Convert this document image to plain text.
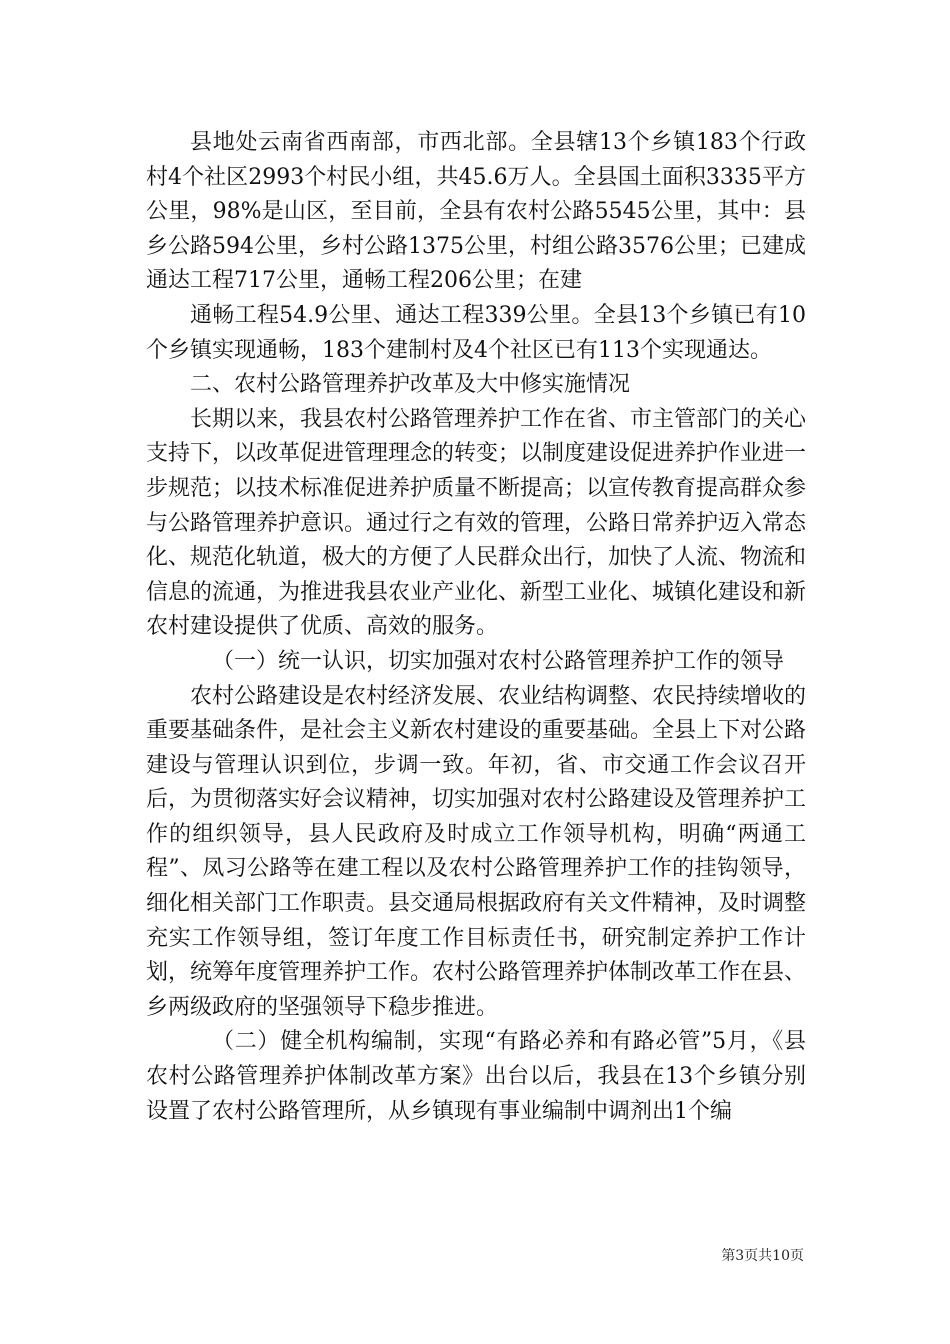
县地处云南省西南部，市西北部。全县辖13个乡镇183个行政村4个社区2993个村民小组，共45.6万人。全县国土面积3335平方公里，98%是山区，至目前，全县有农村公路5545公里，其中：县乡公路594公里，乡村公路1375公里，村组公路3576公里；已建成通达工程717公里，通畅工程206公里；在建

通畅工程54.9公里、通达工程339公里。全县13个乡镇已有10个乡镇实现通畅，183个建制村及4个社区已有113个实现通达。

二、农村公路管理养护改革及大中修实施情况

长期以来，我县农村公路管理养护工作在省、市主管部门的关心支持下，以改革促进管理理念的转变；以制度建设促进养护作业进一步规范；以技术标准促进养护质量不断提高；以宣传教育提高群众参与公路管理养护意识。通过行之有效的管理，公路日常养护迈入常态化、规范化轨道，极大的方便了人民群众出行，加快了人流、物流和信息的流通，为推进我县农业产业化、新型工业化、城镇化建设和新农村建设提供了优质、高效的服务。

（一）统一认识，切实加强对农村公路管理养护工作的领导

农村公路建设是农村经济发展、农业结构调整、农民持续增收的重要基础条件，是社会主义新农村建设的重要基础。全县上下对公路建设与管理认识到位，步调一致。年初，省、市交通工作会议召开后，为贯彻落实好会议精神，切实加强对农村公路建设及管理养护工作的组织领导，县人民政府及时成立工作领导机构，明确“两通工程”、凤习公路等在建工程以及农村公路管理养护工作的挂钩领导，细化相关部门工作职责。县交通局根据政府有关文件精神，及时调整充实工作领导组，签订年度工作目标责任书，研究制定养护工作计划，统筹年度管理养护工作。农村公路管理养护体制改革工作在县、乡两级政府的坚强领导下稳步推进。

（二）健全机构编制，实现“有路必养和有路必管”5月，《县农村公路管理养护体制改革方案》出台以后，我县在13个乡镇分别设置了农村公路管理所，从乡镇现有事业编制中调剂出1个编

第3页共10页
